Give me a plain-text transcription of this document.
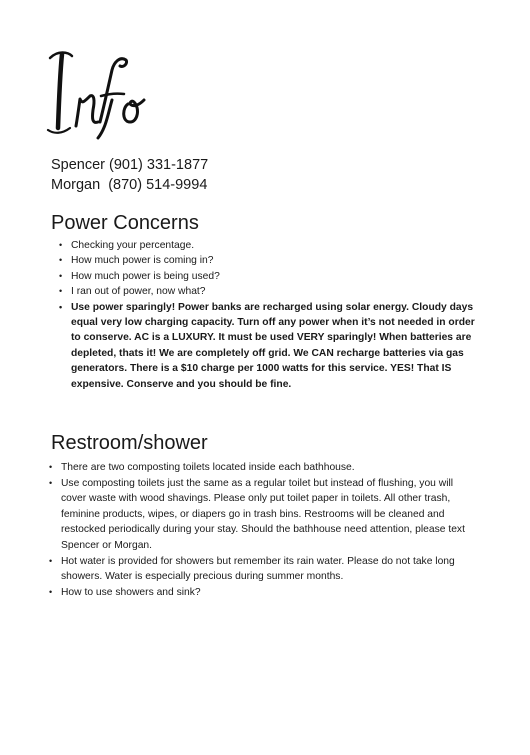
Spencer (901) 331-1877
Morgan  (870) 514-9994
Power Concerns
• Checking your percentage.
• How much power is coming in?
• How much power is being used?
• I ran out of power, now what?
• Use power sparingly! Power banks are recharged using solar energy. Cloudy days equal very low charging capacity. Turn off any power when it’s not needed in order to conserve. AC is a LUXURY. It must be used VERY sparingly! When batteries are depleted, thats it! We are completely off grid. We CAN recharge batteries via gas generators. There is a $10 charge per 1000 watts for this service. YES! That IS expensive. Conserve and you should be fine.
Restroom/shower
• There are two composting toilets located inside each bathhouse.
• Use composting toilets just the same as a regular toilet but instead of flushing, you will cover waste with wood shavings. Please only put toilet paper in toilets. All other trash, feminine products, wipes, or diapers go in trash bins. Restrooms will be cleaned and restocked periodically during your stay. Should the bathhouse need attention, please text Spencer or Morgan.
• Hot water is provided for showers but remember its rain water. Please do not take long showers. Water is especially precious during summer months.
• How to use showers and sink?
